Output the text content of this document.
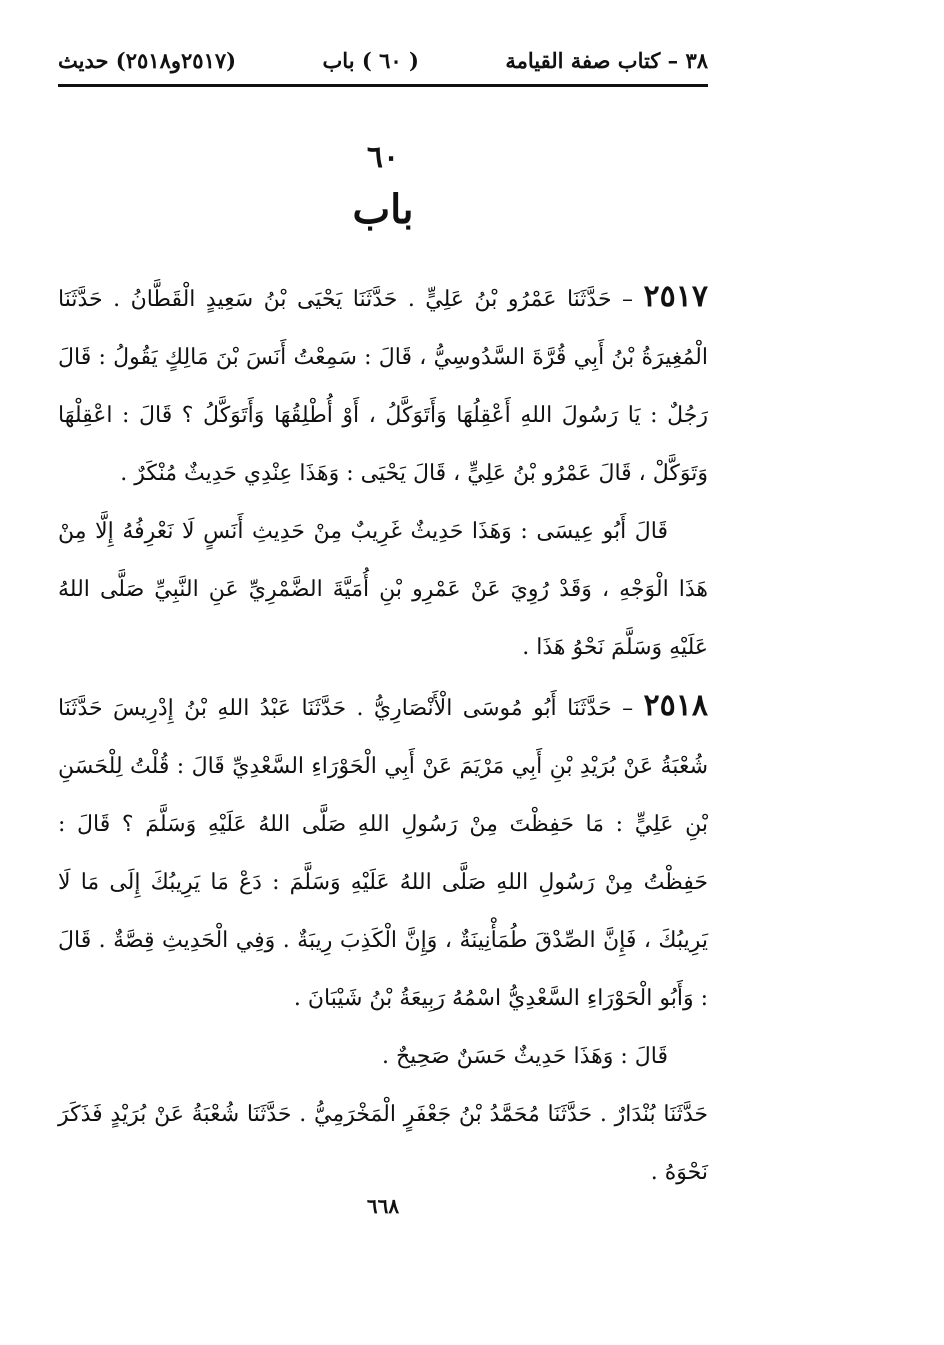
٣٨ – كتاب صفة القيامة
( ٦٠ ) باب
(٢٥١٧و٢٥١٨) حديث
٦٠
باب

٢٥١٧ – حَدَّثَنَا عَمْرُو بْنُ عَلِيٍّ . حَدَّثَنَا يَحْيَى بْنُ سَعِيدٍ الْقَطَّانُ . حَدَّثَنَا الْمُغِيرَةُ بْنُ أَبِي قُرَّةَ السَّدُوسِيُّ ، قَالَ : سَمِعْتُ أَنَسَ بْنَ مَالِكٍ يَقُولُ : قَالَ رَجُلٌ : يَا رَسُولَ اللهِ أَعْقِلُهَا وَأَتَوَكَّلُ ، أَوْ أُطْلِقُهَا وَأَتَوَكَّلُ ؟ قَالَ : اعْقِلْهَا وَتَوَكَّلْ ، قَالَ عَمْرُو بْنُ عَلِيٍّ ، قَالَ يَحْيَى : وَهَذَا عِنْدِي حَدِيثٌ مُنْكَرٌ .

قَالَ أَبُو عِيسَى : وَهَذَا حَدِيثٌ غَرِيبٌ مِنْ حَدِيثِ أَنَسٍ لَا نَعْرِفُهُ إِلَّا مِنْ هَذَا الْوَجْهِ ، وَقَدْ رُوِيَ عَنْ عَمْرِو بْنِ أُمَيَّةَ الضَّمْرِيِّ عَنِ النَّبِيِّ صَلَّى اللهُ عَلَيْهِ وَسَلَّمَ نَحْوُ هَذَا .

٢٥١٨ – حَدَّثَنَا أَبُو مُوسَى الْأَنْصَارِيُّ . حَدَّثَنَا عَبْدُ اللهِ بْنُ إِدْرِيسَ حَدَّثَنَا شُعْبَةُ عَنْ بُرَيْدِ بْنِ أَبِي مَرْيَمَ عَنْ أَبِي الْحَوْرَاءِ السَّعْدِيِّ قَالَ : قُلْتُ لِلْحَسَنِ بْنِ عَلِيٍّ : مَا حَفِظْتَ مِنْ رَسُولِ اللهِ صَلَّى اللهُ عَلَيْهِ وَسَلَّمَ ؟ قَالَ : حَفِظْتُ مِنْ رَسُولِ اللهِ صَلَّى اللهُ عَلَيْهِ وَسَلَّمَ : دَعْ مَا يَرِيبُكَ إِلَى مَا لَا يَرِيبُكَ ، فَإِنَّ الصِّدْقَ طُمَأْنِينَةٌ ، وَإِنَّ الْكَذِبَ رِيبَةٌ . وَفِي الْحَدِيثِ قِصَّةٌ . قَالَ : وَأَبُو الْحَوْرَاءِ السَّعْدِيُّ اسْمُهُ رَبِيعَةُ بْنُ شَيْبَانَ .

قَالَ : وَهَذَا حَدِيثٌ حَسَنٌ صَحِيحٌ .

حَدَّثَنَا بُنْدَارٌ . حَدَّثَنَا مُحَمَّدُ بْنُ جَعْفَرٍ الْمَخْرَمِيُّ . حَدَّثَنَا شُعْبَةُ عَنْ بُرَيْدٍ فَذَكَرَ نَحْوَهُ .

٦٦٨
